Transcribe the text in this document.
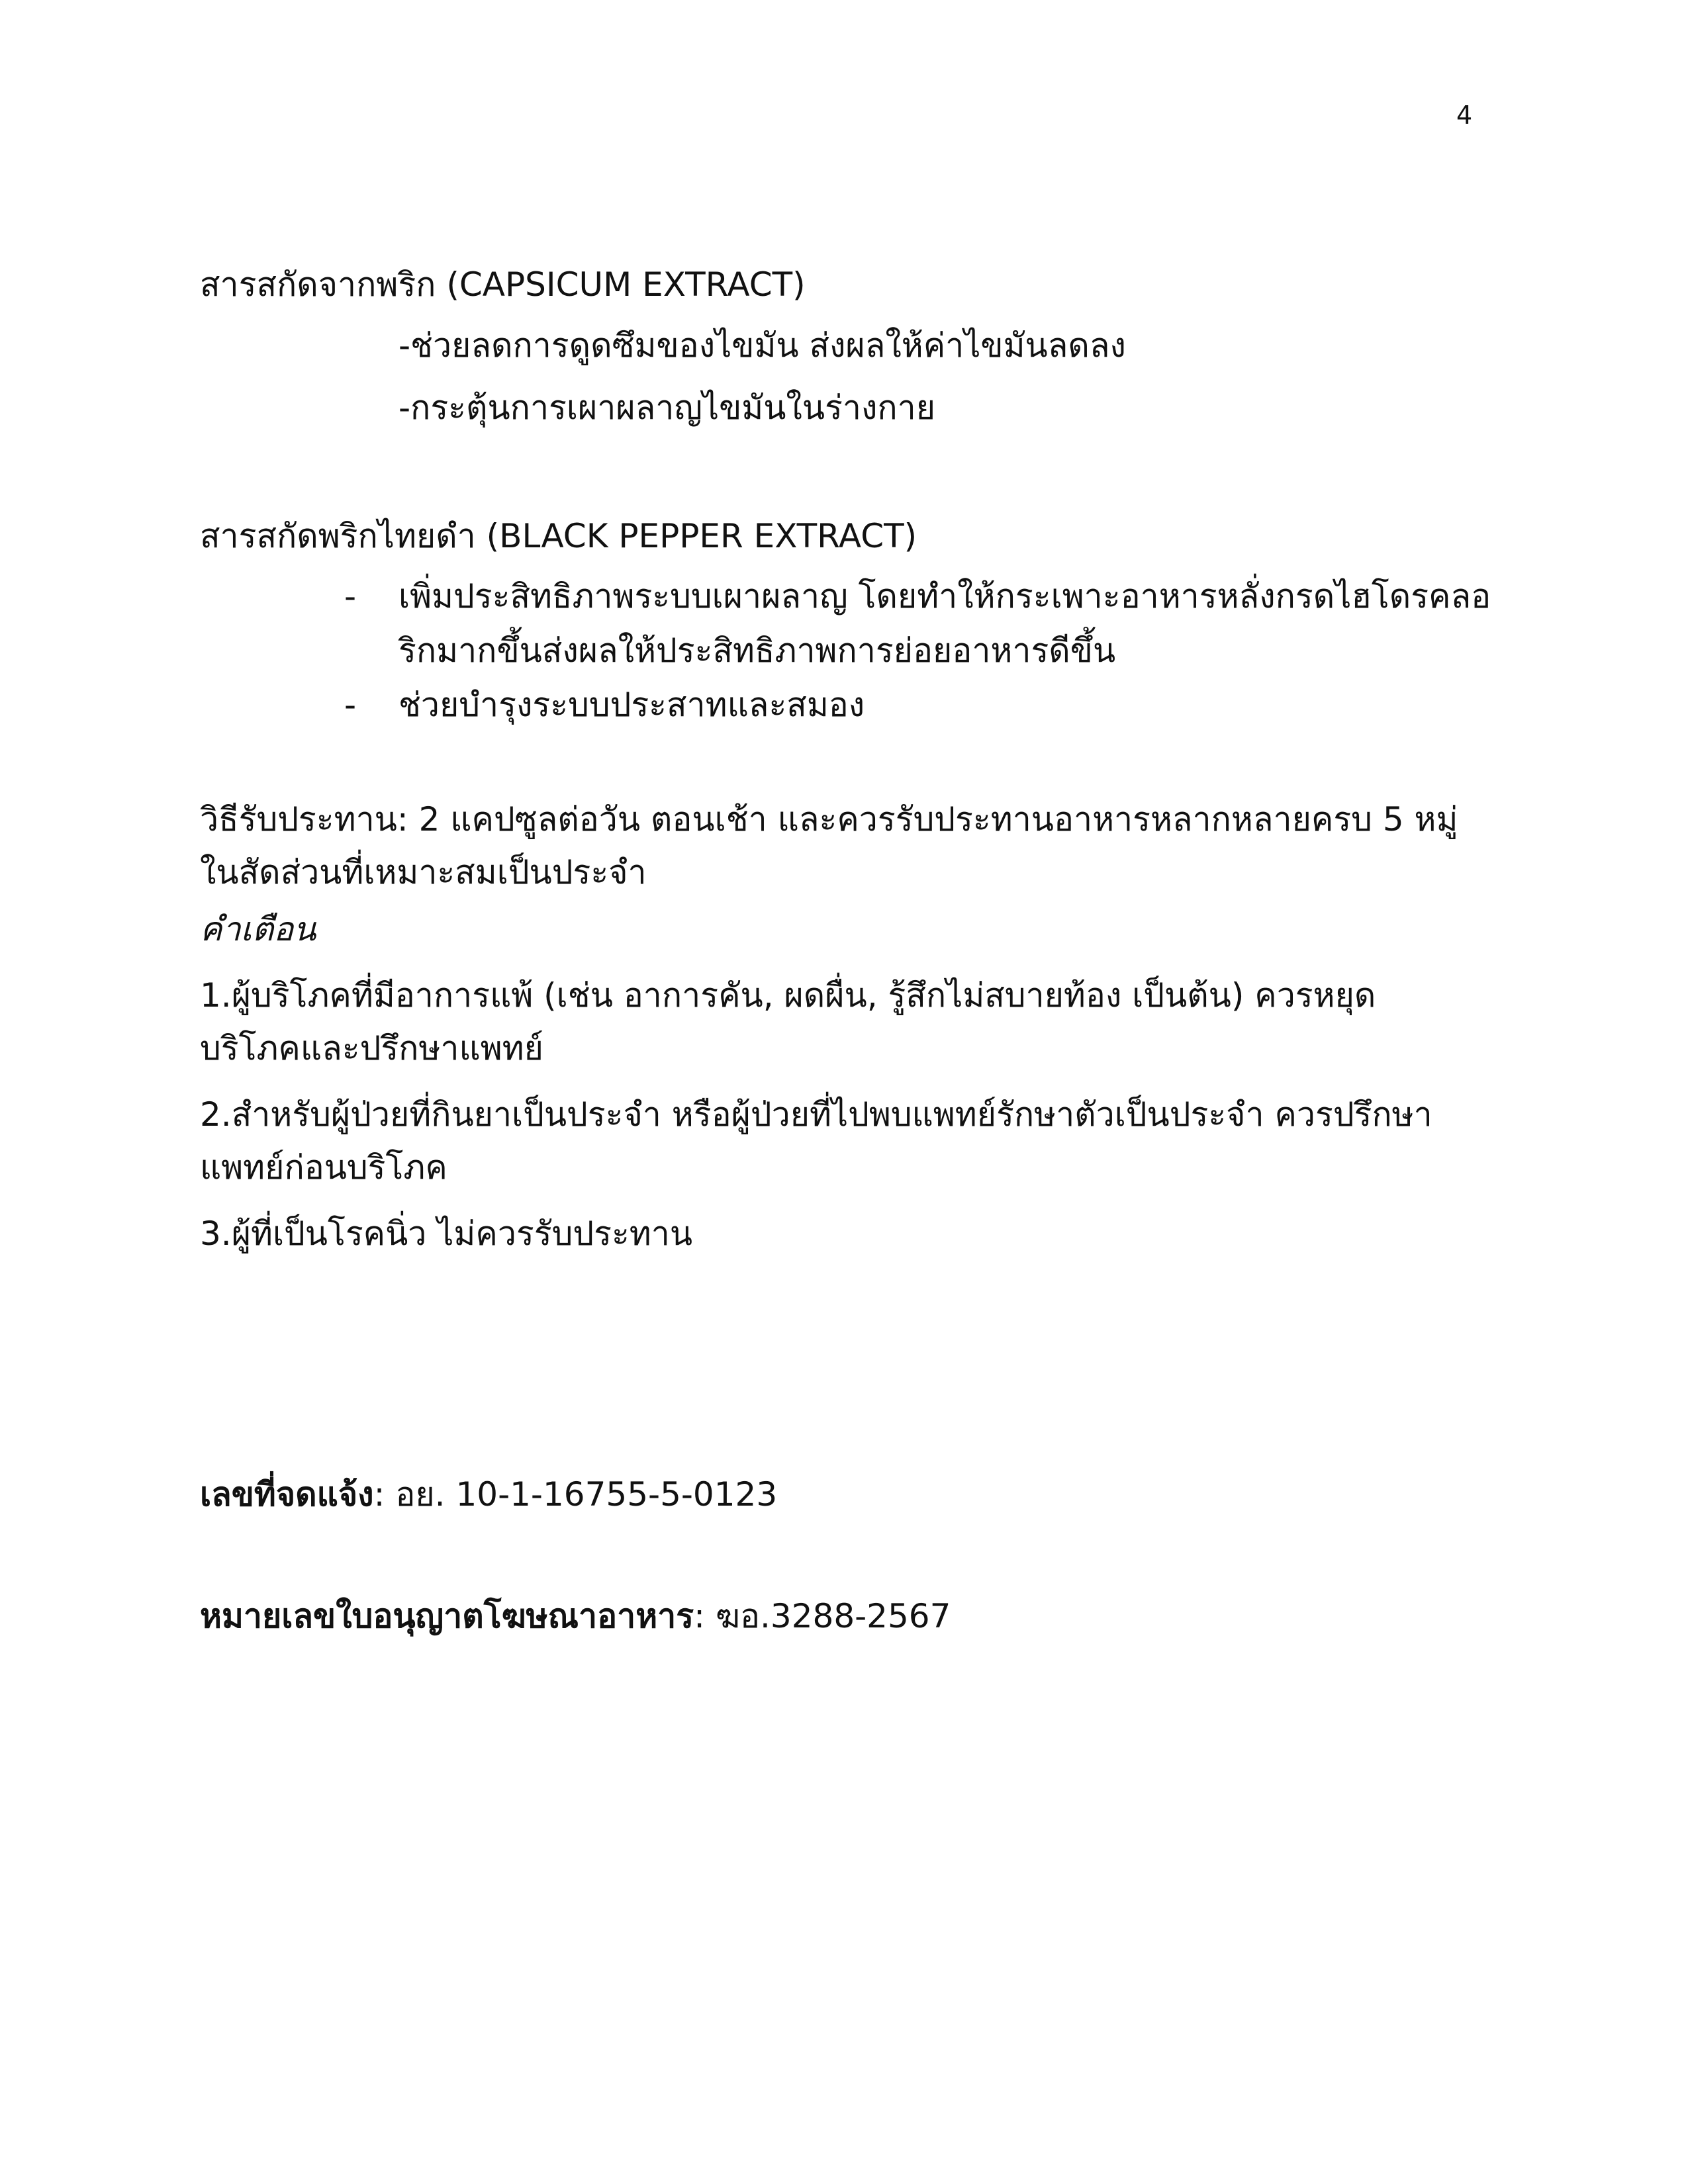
4
สารสกัดจากพริก (CAPSICUM EXTRACT)
-ช่วยลดการดูดซึมของไขมัน ส่งผลให้ค่าไขมันลดลง
-กระตุ้นการเผาผลาญไขมันในร่างกาย
สารสกัดพริกไทยดำ (BLACK PEPPER EXTRACT)
-	เพิ่มประสิทธิภาพระบบเผาผลาญ โดยทำให้กระเพาะอาหารหลั่งกรดไฮโดรคลอริกมากขึ้นส่งผลให้ประสิทธิภาพการย่อยอาหารดีขึ้น
-	ช่วยบำรุงระบบประสาทและสมอง

วิธีรับประทาน: 2 แคปซูลต่อวัน ตอนเช้า และควรรับประทานอาหารหลากหลายครบ 5 หมู่ ในสัดส่วนที่เหมาะสมเป็นประจำ

คำเตือน

1.ผู้บริโภคที่มีอาการแพ้ (เช่น อาการคัน, ผดผื่น, รู้สึกไม่สบายท้อง เป็นต้น) ควรหยุดบริโภคและปรึกษาแพทย์

2.สำหรับผู้ป่วยที่กินยาเป็นประจำ หรือผู้ป่วยที่ไปพบแพทย์รักษาตัวเป็นประจำ ควรปรึกษาแพทย์ก่อนบริโภค

3.ผู้ที่เป็นโรคนิ่ว ไม่ควรรับประทาน

เลขที่จดแจ้ง: อย. 10-1-16755-5-0123
หมายเลขใบอนุญาตโฆษณาอาหาร: ฆอ.3288-2567
